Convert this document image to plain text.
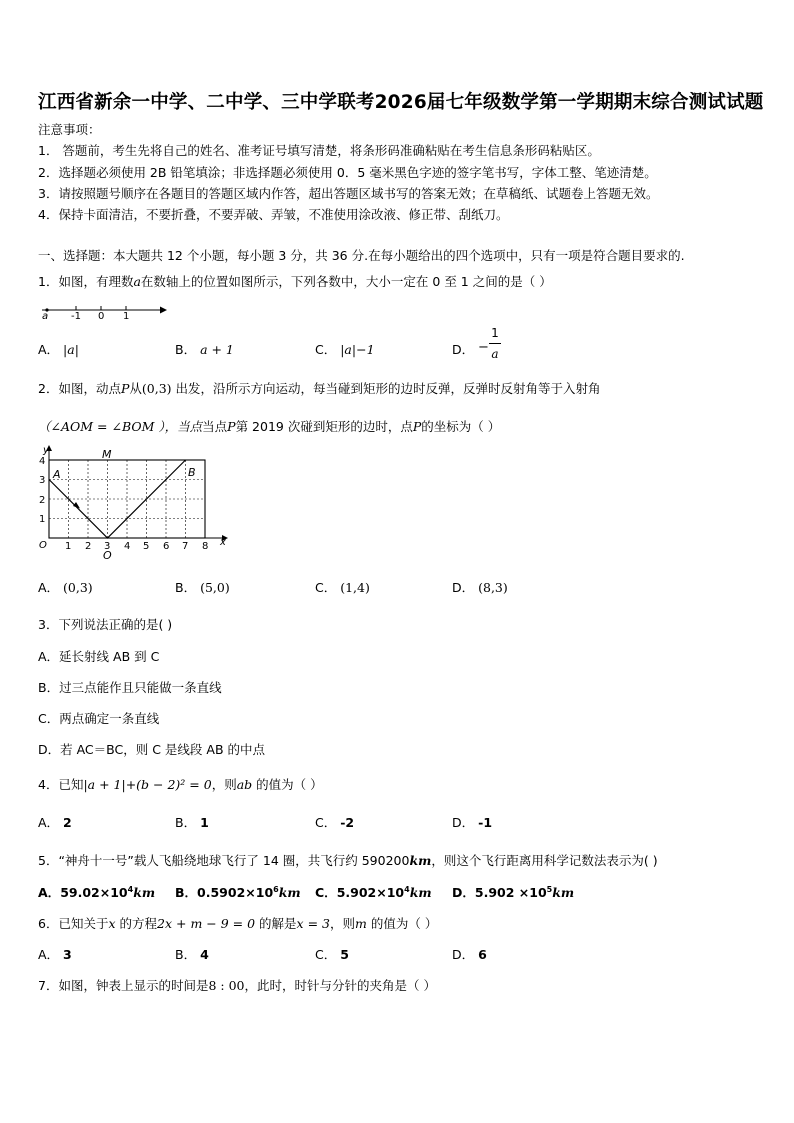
江西省新余一中学、二中学、三中学联考2026届七年级数学第一学期期末综合测试试题
注意事项：
1． 答题前，考生先将自己的姓名、准考证号填写清楚，将条形码准确粘贴在考生信息条形码粘贴区。
2．选择题必须使用 2B 铅笔填涂；非选择题必须使用 0．5 毫米黑色字迹的签字笔书写，字体工整、笔迹清楚。
3．请按照题号顺序在各题目的答题区域内作答，超出答题区域书写的答案无效；在草稿纸、试题卷上答题无效。
4．保持卡面清洁，不要折叠，不要弄破、弄皱，不准使用涂改液、修正带、刮纸刀。
一、选择题：本大题共 12 个小题，每小题 3 分，共 36 分.在每小题给出的四个选项中，只有一项是符合题目要求的.
1．如图，有理数a在数轴上的位置如图所示，下列各数中，大小一定在 0 至 1 之间的是（ ）
a -1 0 1
A． |a|	B． a + 1	C． |a|−1	D． −
1
a
2．如图，动点P从(0,3) 出发，沿所示方向运动，每当碰到矩形的边时反弹，反弹时反射角等于入射角
（∠AOM = ∠BOM ），当点当点P第 2019 次碰到矩形的边时，点P的坐标为（ ）
y
x
O
1
2
3
4
1 2 3 4 5 6 7 8
A	B
M
O
A． (0,3)	B． (5,0)	C． (1,4)	D． (8,3)
3．下列说法正确的是( )
A．延长射线 AB 到 C
B．过三点能作且只能做一条直线
C．两点确定一条直线
D．若 AC＝BC，则 C 是线段 AB 的中点
4．已知|a + 1|+(b − 2)² = 0，则ab 的值为（ ）
A． 2	B． 1	C． -2	D． -1
5．“神舟十一号”载人飞船绕地球飞行了 14 圈，共飞行约 590200km，则这个飞行距离用科学记数法表示为( )
A．$59.02\times 10^4km$ B．$0.5902\times 10^6km$ C．$5.902\times 10^4km$ D．$5.902 \times 10^5km$
6．已知关于x 的方程2x + m − 9 = 0 的解是x = 3，则m 的值为（ ）
A． 3	B． 4	C． 5	D． 6
7．如图，钟表上显示的时间是8 : 00，此时，时针与分针的夹角是（ ）
